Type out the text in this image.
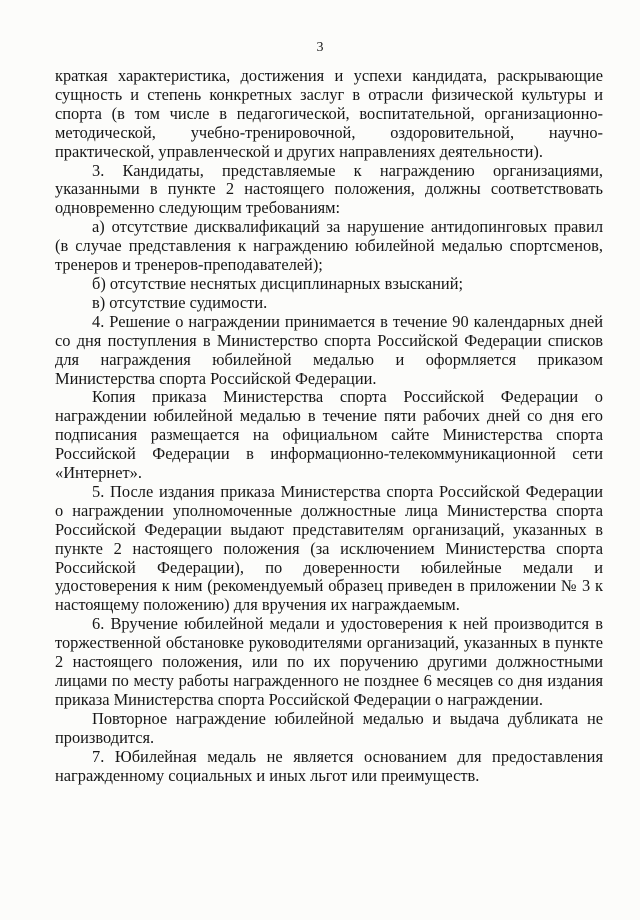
3

краткая характеристика, достижения и успехи кандидата, раскрывающие сущность и степень конкретных заслуг в отрасли физической культуры и спорта (в том числе в педагогической, воспитательной, организационно-методической, учебно-тренировочной, оздоровительной, научно-практической, управленческой и других направлениях деятельности).

3. Кандидаты, представляемые к награждению организациями, указанными в пункте 2 настоящего положения, должны соответствовать одновременно следующим требованиям:

а) отсутствие дисквалификаций за нарушение антидопинговых правил (в случае представления к награждению юбилейной медалью спортсменов, тренеров и тренеров-преподавателей);

б) отсутствие неснятых дисциплинарных взысканий;

в) отсутствие судимости.

4. Решение о награждении принимается в течение 90 календарных дней со дня поступления в Министерство спорта Российской Федерации списков для награждения юбилейной медалью и оформляется приказом Министерства спорта Российской Федерации.

Копия приказа Министерства спорта Российской Федерации о награждении юбилейной медалью в течение пяти рабочих дней со дня его подписания размещается на официальном сайте Министерства спорта Российской Федерации в информационно-телекоммуникационной сети «Интернет».

5. После издания приказа Министерства спорта Российской Федерации о награждении уполномоченные должностные лица Министерства спорта Российской Федерации выдают представителям организаций, указанных в пункте 2 настоящего положения (за исключением Министерства спорта Российской Федерации), по доверенности юбилейные медали и удостоверения к ним (рекомендуемый образец приведен в приложении № 3 к настоящему положению) для вручения их награждаемым.

6. Вручение юбилейной медали и удостоверения к ней производится в торжественной обстановке руководителями организаций, указанных в пункте 2 настоящего положения, или по их поручению другими должностными лицами по месту работы награжденного не позднее 6 месяцев со дня издания приказа Министерства спорта Российской Федерации о награждении.

Повторное награждение юбилейной медалью и выдача дубликата не производится.

7. Юбилейная медаль не является основанием для предоставления награжденному социальных и иных льгот или преимуществ.
